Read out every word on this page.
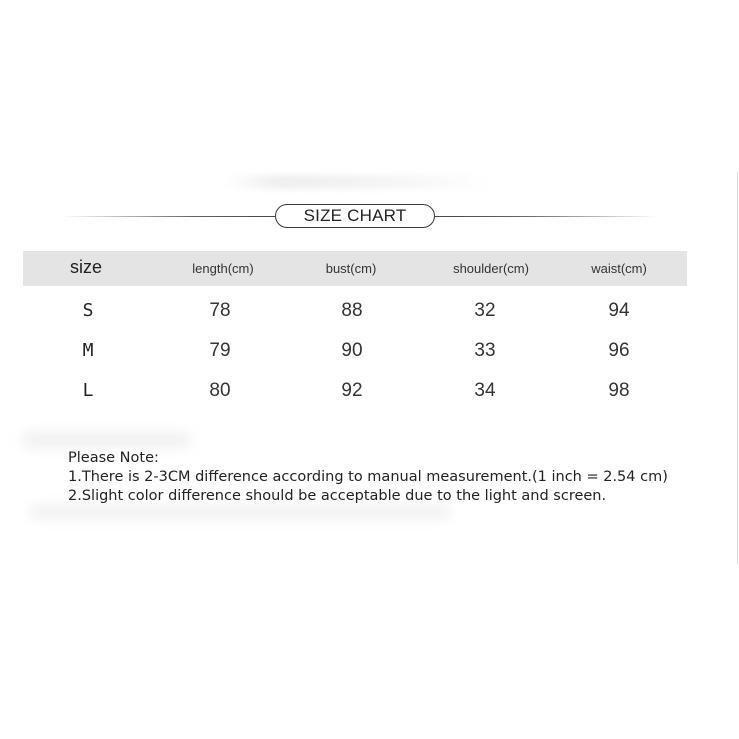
SIZE CHART
size	length(cm)	bust(cm)	shoulder(cm)	waist(cm)
S	78	88	32	94
M	79	90	33	96
L	80	92	34	98
Please Note:
1.There is 2-3CM difference according to manual measurement.(1 inch = 2.54 cm)
2.Slight color difference should be acceptable due to the light and screen.
